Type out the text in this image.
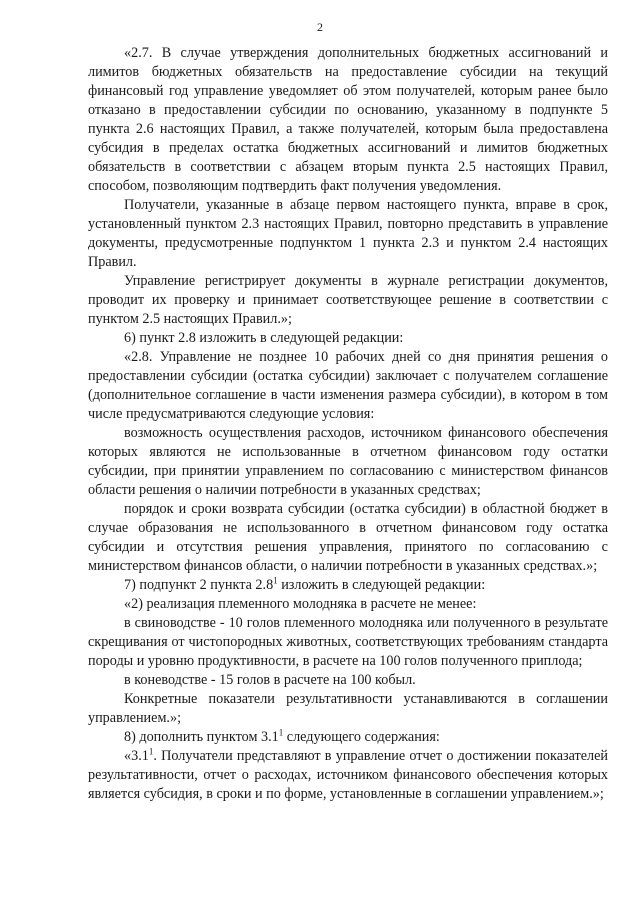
2

«2.7. В случае утверждения дополнительных бюджетных ассигнований и лимитов бюджетных обязательств на предоставление субсидии на текущий финансовый год управление уведомляет об этом получателей, которым ранее было отказано в предоставлении субсидии по основанию, указанному в подпункте 5 пункта 2.6 настоящих Правил, а также получателей, которым была предоставлена субсидия в пределах остатка бюджетных ассигнований и лимитов бюджетных обязательств в соответствии с абзацем вторым пункта 2.5 настоящих Правил, способом, позволяющим подтвердить факт получения уведомления.

Получатели, указанные в абзаце первом настоящего пункта, вправе в срок, установленный пунктом 2.3 настоящих Правил, повторно представить в управление документы, предусмотренные подпунктом 1 пункта 2.3 и пунктом 2.4 настоящих Правил.

Управление регистрирует документы в журнале регистрации документов, проводит их проверку и принимает соответствующее решение в соответствии с пунктом 2.5 настоящих Правил.»;

6) пункт 2.8 изложить в следующей редакции:

«2.8. Управление не позднее 10 рабочих дней со дня принятия решения о предоставлении субсидии (остатка субсидии) заключает с получателем соглашение (дополнительное соглашение в части изменения размера субсидии), в котором в том числе предусматриваются следующие условия:

возможность осуществления расходов, источником финансового обеспечения которых являются не использованные в отчетном финансовом году остатки субсидии, при принятии управлением по согласованию с министерством финансов области решения о наличии потребности в указанных средствах;

порядок и сроки возврата субсидии (остатка субсидии) в областной бюджет в случае образования не использованного в отчетном финансовом году остатка субсидии и отсутствия решения управления, принятого по согласованию с министерством финансов области, о наличии потребности в указанных средствах.»;

7) подпункт 2 пункта $2.8^1$ изложить в следующей редакции:

«2) реализация племенного молодняка в расчете не менее:

в свиноводстве - 10 голов племенного молодняка или полученного в результате скрещивания от чистопородных животных, соответствующих требованиям стандарта породы и уровню продуктивности, в расчете на 100 голов полученного приплода;

в коневодстве - 15 голов в расчете на 100 кобыл.

Конкретные показатели результативности устанавливаются в соглашении управлением.»;

8) дополнить пунктом $3.1^1$ следующего содержания:

«$3.1^1$. Получатели представляют в управление отчет о достижении показателей результативности, отчет о расходах, источником финансового обеспечения которых является субсидия, в сроки и по форме, установленные в соглашении управлением.»;
